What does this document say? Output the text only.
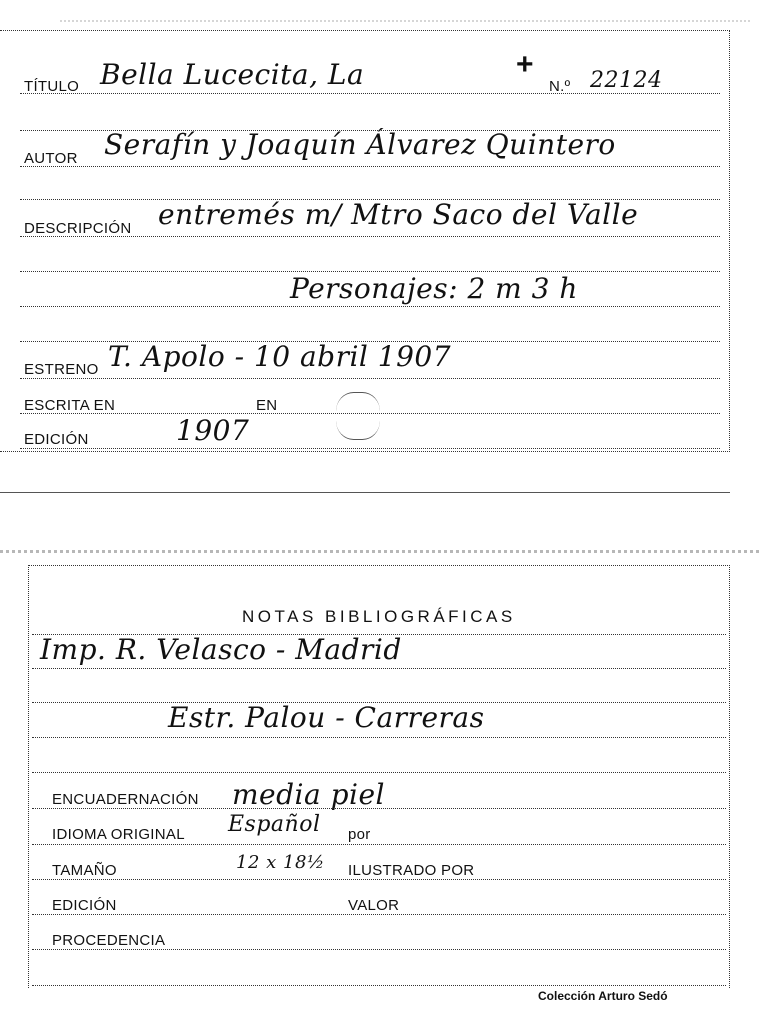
TÍTULO Bella Lucecita, La	+
N.º 22124
AUTOR Serafín y Joaquín Álvarez Quintero
DESCRIPCIÓN entremés m/ Mtro Saco del Valle
Personajes: 2 m 3 h
ESTRENO T. Apolo - 10 abril 1907
ESCRITA EN	EN
EDICIÓN	1907
NOTAS BIBLIOGRÁFICAS
Imp. R. Velasco - Madrid
Estr. Palou - Carreras
ENCUADERNACIÓN media piel
IDIOMA ORIGINAL Español por
TAMAÑO	12 x 18½ ILUSTRADO POR
EDICIÓN	VALOR
PROCEDENCIA
Colección Arturo Sedó
